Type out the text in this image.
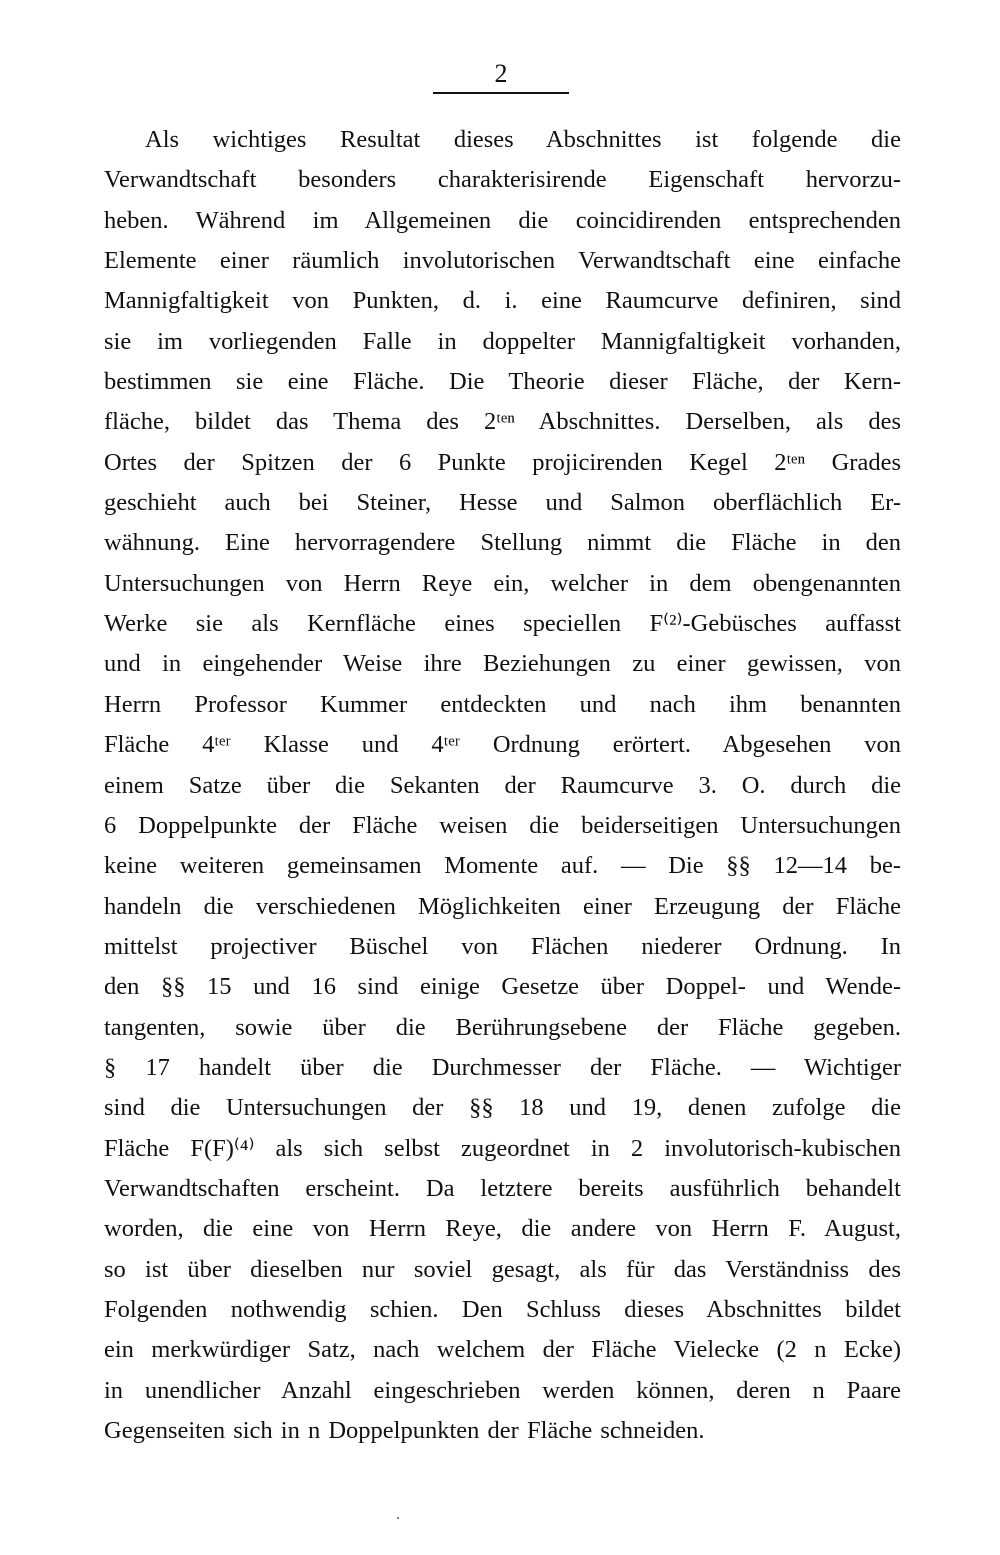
2
Als wichtiges Resultat dieses Abschnittes ist folgende die
Verwandtschaft besonders charakterisirende Eigenschaft hervorzu-
heben. Während im Allgemeinen die coincidirenden entsprechenden
Elemente einer räumlich involutorischen Verwandtschaft eine einfache
Mannigfaltigkeit von Punkten, d. i. eine Raumcurve definiren, sind
sie im vorliegenden Falle in doppelter Mannigfaltigkeit vorhanden,
bestimmen sie eine Fläche. Die Theorie dieser Fläche, der Kern-
fläche, bildet das Thema des 2ᵗᵉⁿ Abschnittes. Derselben, als des
Ortes der Spitzen der 6 Punkte projicirenden Kegel 2ᵗᵉⁿ Grades
geschieht auch bei Steiner, Hesse und Salmon oberflächlich Er-
wähnung. Eine hervorragendere Stellung nimmt die Fläche in den
Untersuchungen von Herrn Reye ein, welcher in dem obengenannten
Werke sie als Kernfläche eines speciellen F⁽²⁾-Gebüsches auffasst
und in eingehender Weise ihre Beziehungen zu einer gewissen, von
Herrn Professor Kummer entdeckten und nach ihm benannten
Fläche 4ᵗᵉʳ Klasse und 4ᵗᵉʳ Ordnung erörtert. Abgesehen von
einem Satze über die Sekanten der Raumcurve 3. O. durch die
6 Doppelpunkte der Fläche weisen die beiderseitigen Untersuchungen
keine weiteren gemeinsamen Momente auf. — Die §§ 12—14 be-
handeln die verschiedenen Möglichkeiten einer Erzeugung der Fläche
mittelst projectiver Büschel von Flächen niederer Ordnung. In
den §§ 15 und 16 sind einige Gesetze über Doppel- und Wende-
tangenten, sowie über die Berührungsebene der Fläche gegeben.
§ 17 handelt über die Durchmesser der Fläche. — Wichtiger
sind die Untersuchungen der §§ 18 und 19, denen zufolge die
Fläche F(F)⁽⁴⁾ als sich selbst zugeordnet in 2 involutorisch-kubischen
Verwandtschaften erscheint. Da letztere bereits ausführlich behandelt
worden, die eine von Herrn Reye, die andere von Herrn F. August,
so ist über dieselben nur soviel gesagt, als für das Verständniss des
Folgenden nothwendig schien. Den Schluss dieses Abschnittes bildet
ein merkwürdiger Satz, nach welchem der Fläche Vielecke (2 n Ecke)
in unendlicher Anzahl eingeschrieben werden können, deren n Paare
Gegenseiten sich in n Doppelpunkten der Fläche schneiden.
